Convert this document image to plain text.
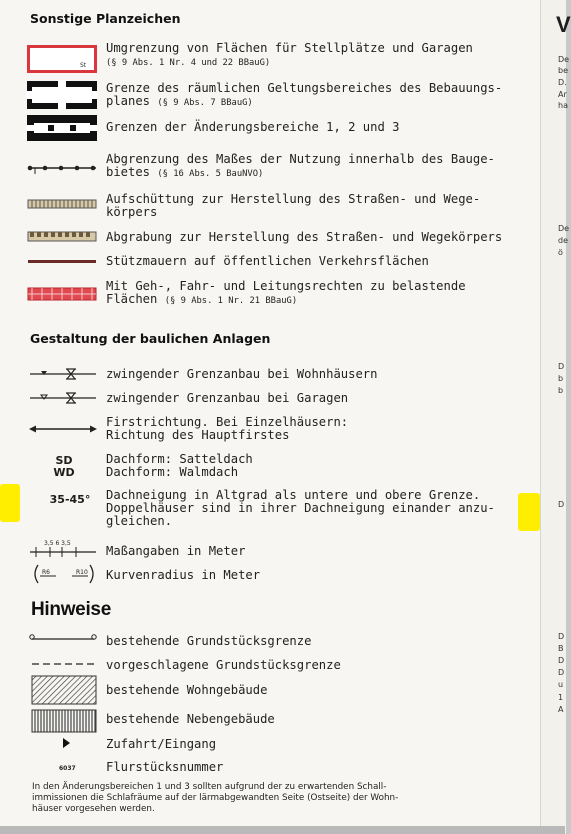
V
De
be
D.
Ar
ha
De
de
ö
D
b
b
D
D
B
D
D
u
1
A
Sonstige Planzeichen
St
Umgrenzung von Flächen für Stellplätze und Garagen
(§ 9 Abs. 1 Nr. 4 und 22 BBauG)
Grenze des räumlichen Geltungsbereiches des Bebauungs-
planes (§ 9 Abs. 7 BBauG)
Grenzen der Änderungsbereiche 1, 2 und 3
Abgrenzung des Maßes der Nutzung innerhalb des Bauge-
bietes (§ 16 Abs. 5 BauNVO)
Aufschüttung zur Herstellung des Straßen- und Wege-
körpers
Abgrabung zur Herstellung des Straßen- und Wegekörpers
Stützmauern auf öffentlichen Verkehrsflächen
Mit Geh-, Fahr- und Leitungsrechten zu belastende
Flächen (§ 9 Abs. 1 Nr. 21 BBauG)
Gestaltung der baulichen Anlagen
zwingender Grenzanbau bei Wohnhäusern
zwingender Grenzanbau bei Garagen
Firstrichtung. Bei Einzelhäusern:
Richtung des Hauptfirstes
SD
WD
Dachform: Satteldach
Dachform: Walmdach
35-45°	Dachneigung in Altgrad als untere und obere Grenze.
Doppelhäuser sind in ihrer Dachneigung einander anzu-
gleichen.
3,5 6 3,5
Maßangaben in Meter
R6	R10 Kurvenradius in Meter
Hinweise
bestehende Grundstücksgrenze
vorgeschlagene Grundstücksgrenze
bestehende Wohngebäude
bestehende Nebengebäude
Zufahrt/Eingang
6037 Flurstücksnummer
In den Änderungsbereichen 1 und 3 sollten aufgrund der zu erwartenden Schall-
immissionen die Schlafräume auf der lärmabgewandten Seite (Ostseite) der Wohn-
häuser vorgesehen werden.
